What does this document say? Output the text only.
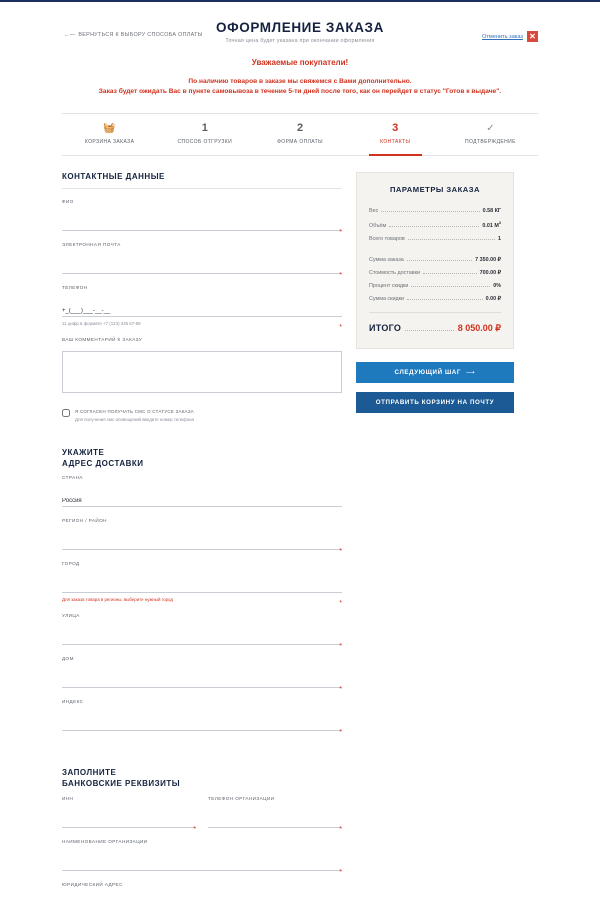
←— ВЕРНУТЬСЯ К ВЫБОРУ СПОСОБА ОПЛАТЫ ОФОРМЛЕНИЕ ЗАКАЗА
Точная цена будет указана при окончании оформления
Отменить заказ ✕
Уважаемые покупатели!
По наличию товаров в заказе мы свяжемся с Вами дополнительно.
Заказ будет ожидать Вас в пункте самовывоза в течение 5-ти дней после того, как он перейдет в статус "Готов к выдаче".
🧺
КОРЗИНА ЗАКАЗА
1
СПОСОБ ОТГРУЗКИ
2
ФОРМА ОПЛАТЫ
3
КОНТАКТЫ
✓
ПОДТВЕРЖДЕНИЕ
КОНТАКТНЫЕ ДАННЫЕ
ФИО
*
ЭЛЕКТРОННАЯ ПОЧТА
*
ТЕЛЕФОН
+_(___)___-__-__
*
11 цифр в формате +7 (123) 345 67-89
ВАШ КОММЕНТАРИЙ К ЗАКАЗУ
Я СОГЛАСЕН ПОЛУЧАТЬ СМС О СТАТУСЕ ЗАКАЗА
Для получения смс-оповещений введите номер телефона
УКАЖИТЕ
АДРЕС ДОСТАВКИ
СТРАНА
Россия
РЕГИОН / РАЙОН
*
ГОРОД
*
Для заказа товара в регионы, выберите нужный город
УЛИЦА
*
ДОМ
*
ИНДЕКС
*
ЗАПОЛНИТЕ
БАНКОВСКИЕ РЕКВИЗИТЫ
ИНН
*
ТЕЛЕФОН ОРГАНИЗАЦИИ
*
НАИМЕНОВАНИЕ ОРГАНИЗАЦИИ
*
ЮРИДИЧЕСКИЙ АДРЕС
ПАРАМЕТРЫ ЗАКАЗА
Вес	0.58 КГ
Объём	0.01 $М^3$
Всего товаров	1
Сумма заказа	7 350.00 ₽
Стоимость доставки	700.00 ₽
Процент скидки	0%
Сумма скидки	0.00 ₽
ИТОГО	8 050.00 ₽
СЛЕДУЮЩИЙ ШАГ ⟶ ОТПРАВИТЬ КОРЗИНУ НА ПОЧТУ
